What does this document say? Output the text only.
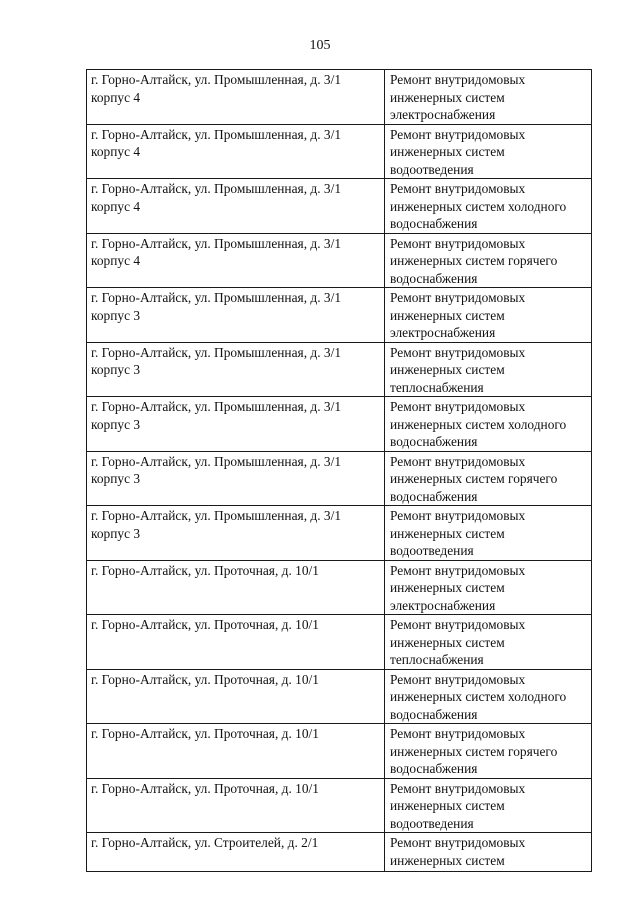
105
г. Горно-Алтайск, ул. Промышленная, д. 3/1 корпус 4	Ремонт внутридомовых инженерных систем электроснабжения
г. Горно-Алтайск, ул. Промышленная, д. 3/1 корпус 4	Ремонт внутридомовых инженерных систем водоотведения
г. Горно-Алтайск, ул. Промышленная, д. 3/1 корпус 4	Ремонт внутридомовых инженерных систем холодного водоснабжения
г. Горно-Алтайск, ул. Промышленная, д. 3/1 корпус 4	Ремонт внутридомовых инженерных систем горячего водоснабжения
г. Горно-Алтайск, ул. Промышленная, д. 3/1 корпус 3	Ремонт внутридомовых инженерных систем электроснабжения
г. Горно-Алтайск, ул. Промышленная, д. 3/1 корпус 3	Ремонт внутридомовых инженерных систем теплоснабжения
г. Горно-Алтайск, ул. Промышленная, д. 3/1 корпус 3	Ремонт внутридомовых инженерных систем холодного водоснабжения
г. Горно-Алтайск, ул. Промышленная, д. 3/1 корпус 3	Ремонт внутридомовых инженерных систем горячего водоснабжения
г. Горно-Алтайск, ул. Промышленная, д. 3/1 корпус 3	Ремонт внутридомовых инженерных систем водоотведения
г. Горно-Алтайск, ул. Проточная, д. 10/1	Ремонт внутридомовых инженерных систем электроснабжения
г. Горно-Алтайск, ул. Проточная, д. 10/1	Ремонт внутридомовых инженерных систем теплоснабжения
г. Горно-Алтайск, ул. Проточная, д. 10/1	Ремонт внутридомовых инженерных систем холодного водоснабжения
г. Горно-Алтайск, ул. Проточная, д. 10/1	Ремонт внутридомовых инженерных систем горячего водоснабжения
г. Горно-Алтайск, ул. Проточная, д. 10/1	Ремонт внутридомовых инженерных систем водоотведения
г. Горно-Алтайск, ул. Строителей, д. 2/1	Ремонт внутридомовых инженерных систем
